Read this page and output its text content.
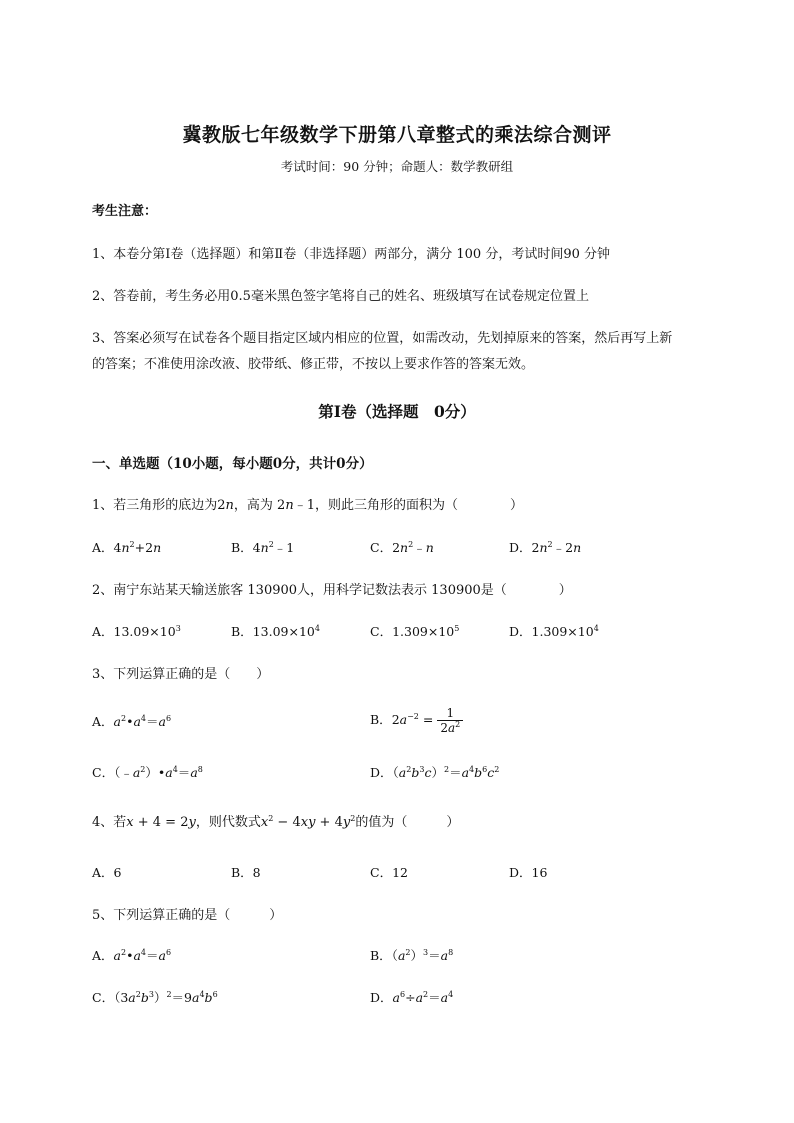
冀教版七年级数学下册第八章整式的乘法综合测评
考试时间：90 分钟；命题人：数学教研组
考生注意：
1、本卷分第Ⅰ卷（选择题）和第Ⅱ卷（非选择题）两部分，满分 100 分，考试时间90 分钟
2、答卷前，考生务必用0.5毫米黑色签字笔将自己的姓名、班级填写在试卷规定位置上
3、答案必须写在试卷各个题目指定区域内相应的位置，如需改动，先划掉原来的答案，然后再写上新
的答案；不准使用涂改液、胶带纸、修正带，不按以上要求作答的答案无效。
第Ⅰ卷（选择题　0分）
一、单选题（10小题，每小题0分，共计0分）
1、若三角形的底边为2n，高为 2n﹣1，则此三角形的面积为（　　　　）
A．$4n^2+2n$	B．$4n^2﹣1$	C．$2n^2﹣n$	D．$2n^2﹣2n$
2、南宁东站某天输送旅客 130900人，用科学记数法表示 130900是（　　　　）
A．$13.09\times 10^3$	B．$13.09\times 10^4$	C．$1.309\times 10^5$	D．$1.309\times 10^4$
3、下列运算正确的是（　　）
A．$a^2•a^4=a^6$	B．$2a^{-2} = \frac{1}{2a^2}$
C．$(﹣a^2)•a^4=a^8$	D．$(a^2b^3c)^2=a^4b^6c^2$
4、若x + 4 = 2y，则代数式$x^2 - 4xy + 4y^2$的值为（　　　）
A．6	B．8	C．12	D．16
5、下列运算正确的是（　　　）
A．$a^2•a^4=a^6$	B．$(a^2)^3=a^8$
C．$(3a^2b^3)^2=9a^4b^6$	D．$a^6\div a^2=a^4$
